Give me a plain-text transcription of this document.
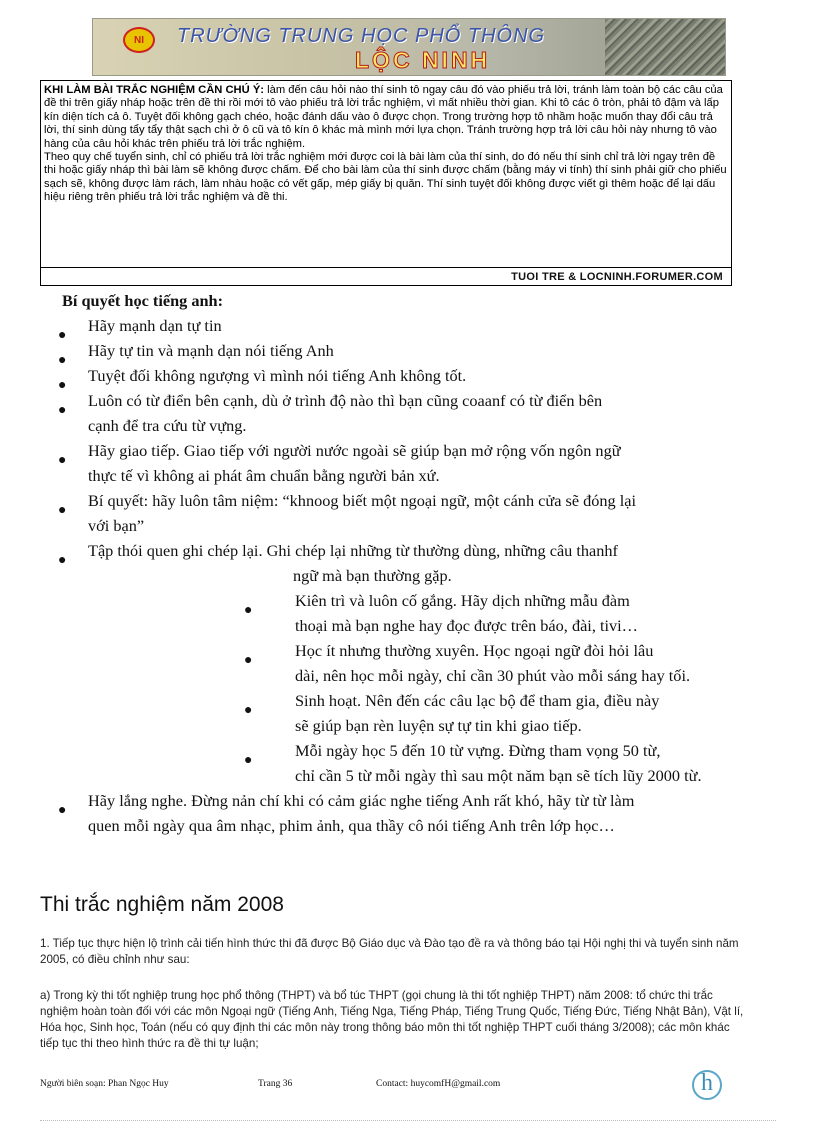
NI	TRƯỜNG TRUNG HỌC PHỔ THÔNG
LỘC NINH

KHI LÀM BÀI TRẮC NGHIỆM CẦN CHÚ Ý: làm đến câu hỏi nào thí sinh tô ngay câu đó vào phiếu trả lời, tránh làm toàn bộ các câu của đề thi trên giấy nháp hoặc trên đề thi rồi mới tô vào phiếu trả lời trắc nghiệm, vì mất nhiều thời gian. Khi tô các ô tròn, phải tô đậm và lấp kín diện tích cả ô. Tuyệt đối không gạch chéo, hoặc đánh dấu vào ô được chọn. Trong trường hợp tô nhầm hoặc muốn thay đổi câu trả lời, thí sinh dùng tẩy tẩy thật sạch chì ở ô cũ và tô kín ô khác mà mình mới lựa chọn. Tránh trường hợp trả lời câu hỏi này nhưng tô vào hàng của câu hỏi khác trên phiếu trả lời trắc nghiệm.

Theo quy chế tuyển sinh, chỉ có phiếu trả lời trắc nghiệm mới được coi là bài làm của thí sinh, do đó nếu thí sinh chỉ trả lời ngay trên đề thi hoặc giấy nháp thì bài làm sẽ không được chấm. Để cho bài làm của thí sinh được chấm (bằng máy vi tính) thí sinh phải giữ cho phiếu sạch sẽ, không được làm rách, làm nhàu hoặc có vết gấp, mép giấy bị quăn. Thí sinh tuyệt đối không được viết gì thêm hoặc để lại dấu hiệu riêng trên phiếu trả lời trắc nghiệm và đề thi.

TUOI TRE & LOCNINH.FORUMER.COM
Bí quyết học tiếng anh:
●
Hãy mạnh dạn tự tin
●
Hãy tự tin và mạnh dạn nói tiếng Anh
●
Tuyệt đối không ngượng vì mình nói tiếng Anh không tốt.
●
Luôn có từ điển bên cạnh, dù ở trình độ nào thì bạn cũng coaanf có từ điển bên
cạnh để tra cứu từ vựng.
●
Hãy giao tiếp. Giao tiếp với người nước ngoài sẽ giúp bạn mở rộng vốn ngôn ngữ
thực tế vì không ai phát âm chuẩn bằng người bản xứ.
●
Bí quyết: hãy luôn tâm niệm: “khnoog biết một ngoại ngữ, một cánh cửa sẽ đóng lại
với bạn”
●
Tập thói quen ghi chép lại. Ghi chép lại những từ thường dùng, những câu thanhf
ngữ mà bạn thường gặp.
●
Kiên trì và luôn cố gắng. Hãy dịch những mẫu đàm
thoại mà bạn nghe hay đọc được trên báo, đài, tivi…
●
Học ít nhưng thường xuyên. Học ngoại ngữ đòi hỏi lâu
dài, nên học mỗi ngày, chỉ cần 30 phút vào mỗi sáng hay tối.
●
Sinh hoạt. Nên đến các câu lạc bộ để tham gia, điều này
sẽ giúp bạn rèn luyện sự tự tin khi giao tiếp.
●
Mỗi ngày học 5 đến 10 từ vựng. Đừng tham vọng 50 từ,
chỉ cần 5 từ mỗi ngày thì sau một năm bạn sẽ tích lũy 2000 từ.
●
Hãy lắng nghe. Đừng nản chí khi có cảm giác nghe tiếng Anh rất khó, hãy từ từ làm
quen mỗi ngày qua âm nhạc, phim ảnh, qua thầy cô nói tiếng Anh trên lớp học…
Thi trắc nghiệm năm 2008
1. Tiếp tục thực hiện lộ trình cải tiến hình thức thi đã được Bộ Giáo dục và Đào tạo đề ra và thông báo tại Hội nghị thi và tuyển sinh năm 2005, có điều chỉnh như sau:
a) Trong kỳ thi tốt nghiệp trung học phổ thông (THPT) và bổ túc THPT (gọi chung là thi tốt nghiệp THPT) năm 2008: tổ chức thi trắc nghiệm hoàn toàn đối với các môn Ngoại ngữ (Tiếng Anh, Tiếng Nga, Tiếng Pháp, Tiếng Trung Quốc, Tiếng Đức, Tiếng Nhật Bản), Vật lí, Hóa học, Sinh học, Toán (nếu có quy định thi các môn này trong thông báo môn thi tốt nghiệp THPT cuối tháng 3/2008); các môn khác tiếp tục thi theo hình thức ra đề thi tự luận;
Người biên soạn: Phan Ngọc Huy	Trang 36	Contact: huycomfH@gmail.com	h
